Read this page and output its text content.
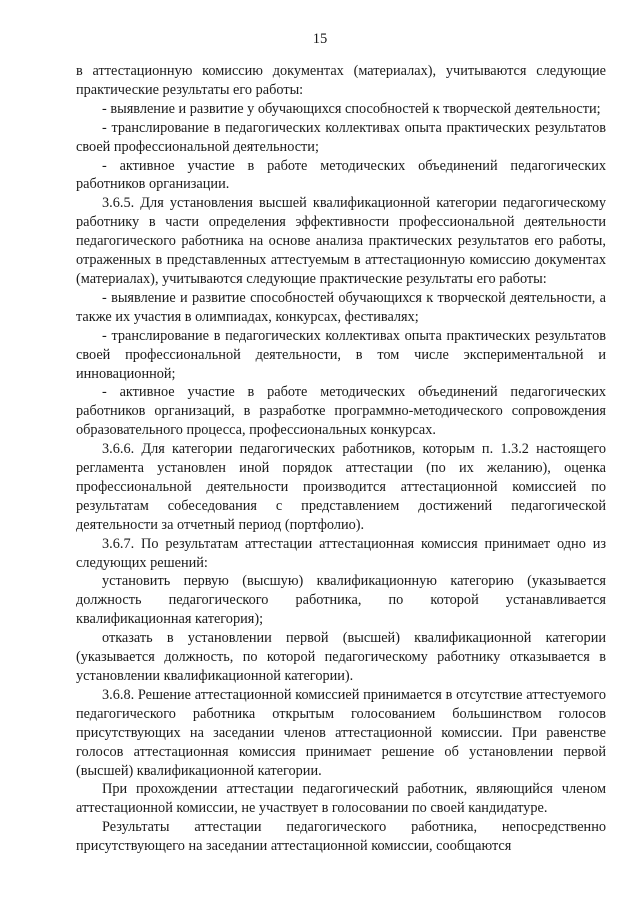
15

в аттестационную комиссию документах (материалах), учитываются следующие практические результаты его работы:

- выявление и развитие у обучающихся способностей к творческой деятельности;

- транслирование в педагогических коллективах опыта практических результатов своей профессиональной деятельности;

- активное участие в работе методических объединений педагогических работников организации.

3.6.5. Для установления высшей квалификационной категории педагогическому работнику в части определения эффективности профессиональной деятельности педагогического работника на основе анализа практических результатов его работы, отраженных в представленных аттестуемым в аттестационную комиссию документах (материалах), учитываются следующие практические результаты его работы:

- выявление и развитие способностей обучающихся к творческой деятельности, а также их участия в олимпиадах, конкурсах, фестивалях;

- транслирование в педагогических коллективах опыта практических результатов своей профессиональной деятельности, в том числе экспериментальной и инновационной;

- активное участие в работе методических объединений педагогических работников организаций, в разработке программно-методического сопровождения образовательного процесса, профессиональных конкурсах.

3.6.6. Для категории педагогических работников, которым п. 1.3.2 настоящего регламента установлен иной порядок аттестации (по их желанию), оценка профессиональной деятельности производится аттестационной комиссией по результатам собеседования с представлением достижений педагогической деятельности за отчетный период (портфолио).

3.6.7. По результатам аттестации аттестационная комиссия принимает одно из следующих решений:

установить первую (высшую) квалификационную категорию (указывается должность педагогического работника, по которой устанавливается квалификационная категория);

отказать в установлении первой (высшей) квалификационной категории (указывается должность, по которой педагогическому работнику отказывается в установлении квалификационной категории).

3.6.8. Решение аттестационной комиссией принимается в отсутствие аттестуемого педагогического работника открытым голосованием большинством голосов присутствующих на заседании членов аттестационной комиссии. При равенстве голосов аттестационная комиссия принимает решение об установлении первой (высшей) квалификационной категории.

При прохождении аттестации педагогический работник, являющийся членом аттестационной комиссии, не участвует в голосовании по своей кандидатуре.

Результаты аттестации педагогического работника, непосредственно присутствующего на заседании аттестационной комиссии, сообщаются
